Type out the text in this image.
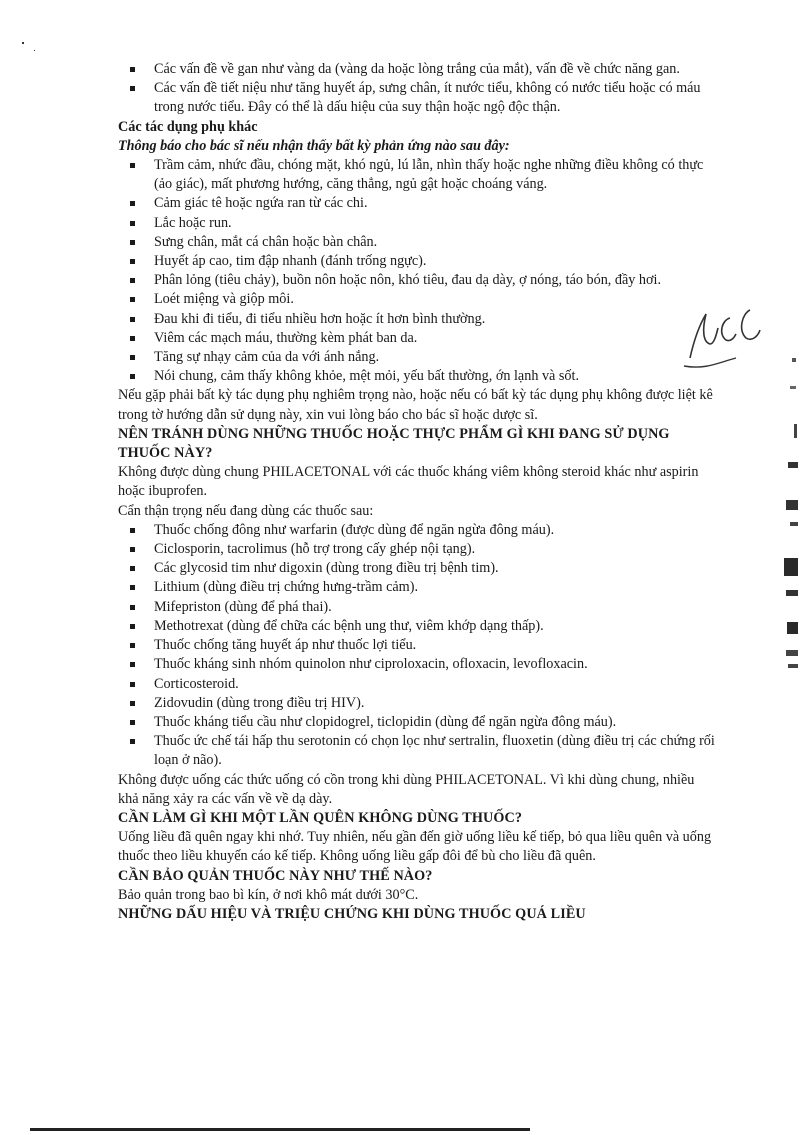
Các vấn đề về gan như vàng da (vàng da hoặc lòng trắng của mắt), vấn đề về chức năng gan.
Các vấn đề tiết niệu như tăng huyết áp, sưng chân, ít nước tiểu, không có nước tiểu hoặc có máu trong nước tiểu. Đây có thể là dấu hiệu của suy thận hoặc ngộ độc thận.

Các tác dụng phụ khác

Thông báo cho bác sĩ nếu nhận thấy bất kỳ phản ứng nào sau đây:

Trầm cảm, nhức đầu, chóng mặt, khó ngủ, lú lẫn, nhìn thấy hoặc nghe những điều không có thực (ảo giác), mất phương hướng, căng thẳng, ngủ gật hoặc choáng váng.
Cảm giác tê hoặc ngứa ran từ các chi.
Lắc hoặc run.
Sưng chân, mắt cá chân hoặc bàn chân.
Huyết áp cao, tim đập nhanh (đánh trống ngực).
Phân lỏng (tiêu chảy), buồn nôn hoặc nôn, khó tiêu, đau dạ dày, ợ nóng, táo bón, đầy hơi.
Loét miệng và giộp môi.
Đau khi đi tiểu, đi tiểu nhiều hơn hoặc ít hơn bình thường.
Viêm các mạch máu, thường kèm phát ban da.
Tăng sự nhạy cảm của da với ánh nắng.
Nói chung, cảm thấy không khỏe, mệt mỏi, yếu bất thường, ớn lạnh và sốt.

Nếu gặp phải bất kỳ tác dụng phụ nghiêm trọng nào, hoặc nếu có bất kỳ tác dụng phụ không được liệt kê trong tờ hướng dẫn sử dụng này, xin vui lòng báo cho bác sĩ hoặc dược sĩ.

NÊN TRÁNH DÙNG NHỮNG THUỐC HOẶC THỰC PHẨM GÌ KHI ĐANG SỬ DỤNG THUỐC NÀY?

Không được dùng chung PHILACETONAL với các thuốc kháng viêm không steroid khác như aspirin hoặc ibuprofen.

Cẩn thận trọng nếu đang dùng các thuốc sau:

Thuốc chống đông như warfarin (được dùng để ngăn ngừa đông máu).
Ciclosporin, tacrolimus (hỗ trợ trong cấy ghép nội tạng).
Các glycosid tim như digoxin (dùng trong điều trị bệnh tim).
Lithium (dùng điều trị chứng hưng-trầm cảm).
Mifepriston (dùng để phá thai).
Methotrexat (dùng để chữa các bệnh ung thư, viêm khớp dạng thấp).
Thuốc chống tăng huyết áp như thuốc lợi tiểu.
Thuốc kháng sinh nhóm quinolon như ciproloxacin, ofloxacin, levofloxacin.
Corticosteroid.
Zidovudin (dùng trong điều trị HIV).
Thuốc kháng tiểu cầu như clopidogrel, ticlopidin (dùng để ngăn ngừa đông máu).
Thuốc ức chế tái hấp thu serotonin có chọn lọc như sertralin, fluoxetin (dùng điều trị các chứng rối loạn ở não).

Không được uống các thức uống có cồn trong khi dùng PHILACETONAL. Vì khi dùng chung, nhiều khả năng xảy ra các vấn về về dạ dày.

CẦN LÀM GÌ KHI MỘT LẦN QUÊN KHÔNG DÙNG THUỐC?

Uống liều đã quên ngay khi nhớ. Tuy nhiên, nếu gần đến giờ uống liều kế tiếp, bỏ qua liều quên và uống thuốc theo liều khuyến cáo kế tiếp. Không uống liều gấp đôi để bù cho liều đã quên.

CẦN BẢO QUẢN THUỐC NÀY NHƯ THẾ NÀO?

Bảo quản trong bao bì kín, ở nơi khô mát dưới 30°C.

NHỮNG DẤU HIỆU VÀ TRIỆU CHỨNG KHI DÙNG THUỐC QUÁ LIỀU
